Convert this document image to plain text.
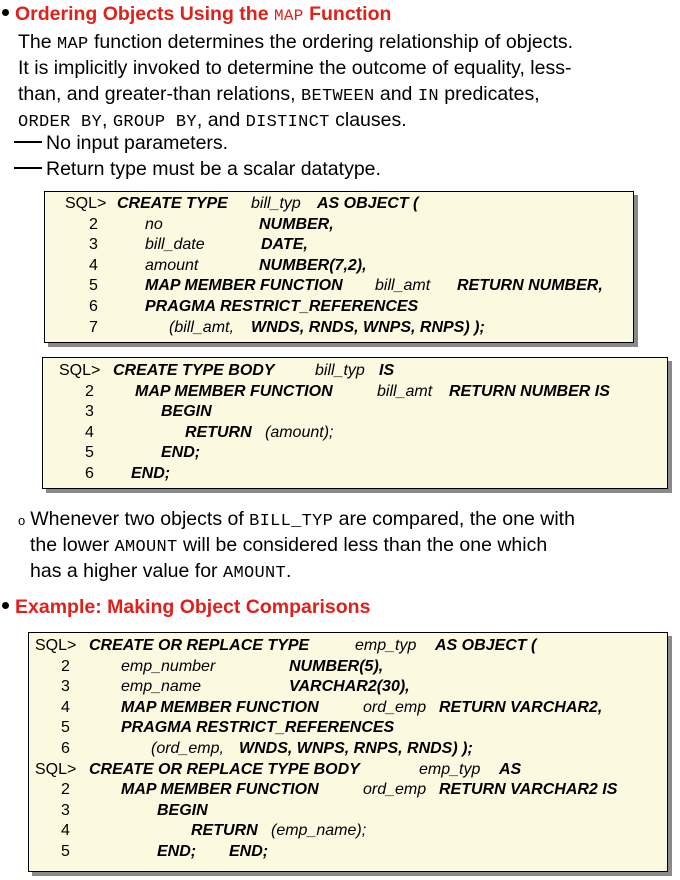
Ordering Objects Using the MAP Function
The MAP function determines the ordering relationship of objects.
It is implicitly invoked to determine the outcome of equality, less-
than, and greater-than relations, BETWEEN and IN predicates,
ORDER BY, GROUP BY, and DISTINCT clauses.
No input parameters.
Return type must be a scalar datatype.
SQL> CREATE TYPE bill_typ AS OBJECT (
2	no	NUMBER,
3	bill_date	DATE,
4	amount	NUMBER(7,2),
5	MAP MEMBER FUNCTION bill_amt RETURN NUMBER,
6	PRAGMA RESTRICT_REFERENCES
7	(bill_amt, WNDS, RNDS, WNPS, RNPS) );
SQL> CREATE TYPE BODY	bill_typ IS
2	MAP MEMBER FUNCTION	bill_amt RETURN NUMBER IS
3	BEGIN
4	RETURN (amount);
5	END;
6 END;
$^o$ Whenever two objects of BILL_TYP are compared, the one with
the lower AMOUNT will be considered less than the one which
has a higher value for AMOUNT.
Example: Making Object Comparisons
SQL> CREATE OR REPLACE TYPE	emp_typ AS OBJECT (
2	emp_number	NUMBER(5),
3	emp_name	VARCHAR2(30),
4	MAP MEMBER FUNCTION	ord_emp RETURN VARCHAR2,
5	PRAGMA RESTRICT_REFERENCES
6	(ord_emp, WNDS, WNPS, RNPS, RNDS) );
SQL> CREATE OR REPLACE TYPE BODY	emp_typ AS
2	MAP MEMBER FUNCTION	ord_emp RETURN VARCHAR2 IS
3	BEGIN
4	RETURN (emp_name);
5	END; END;
